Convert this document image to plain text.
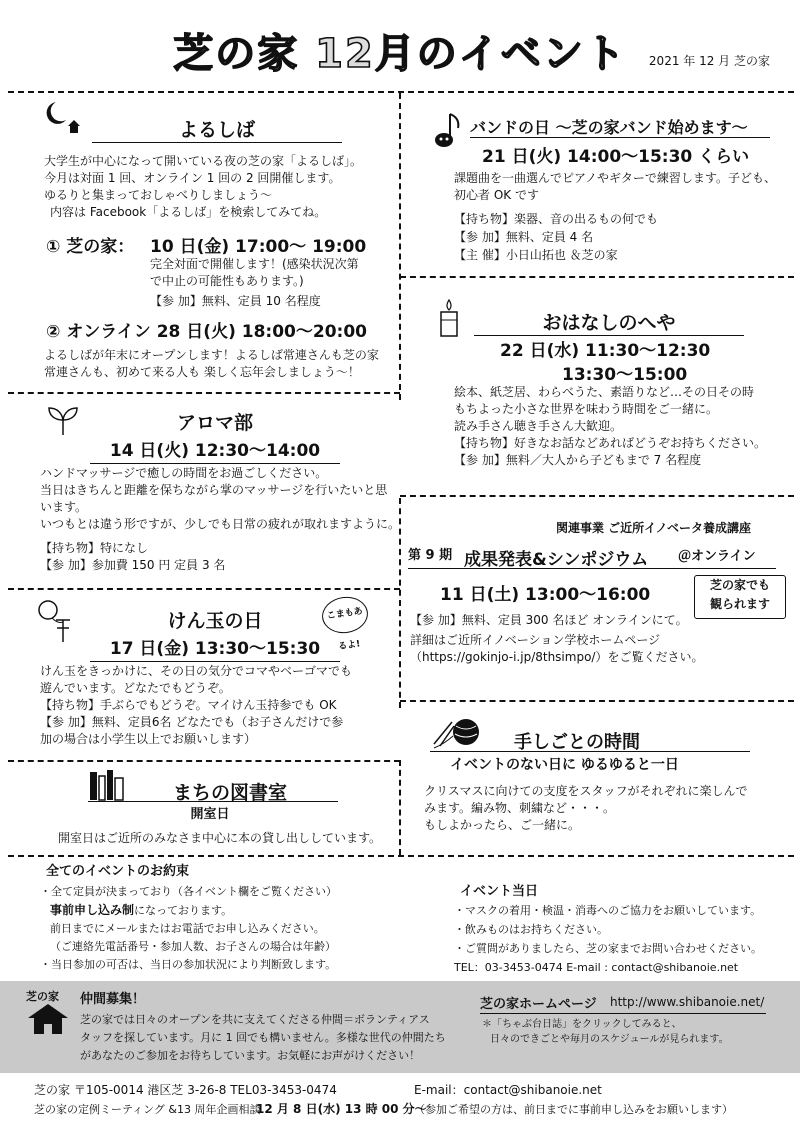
芝の家 12月のイベント	2021 年 12 月 芝の家
よるしば
大学生が中心になって開いている夜の芝の家「よるしば」。
今月は対面 1 回、オンライン 1 回の 2 回開催します。
ゆるりと集まっておしゃべりしましょう〜
内容は Facebook「よるしば」を検索してみてね。
① 芝の家： 10 日(金) 17:00〜 19:00
完全対面で開催します！(感染状況次第
で中止の可能性もあります。)
【参 加】無料、定員 10 名程度
② オンライン 28 日(火) 18:00〜20:00
よるしばが年末にオープンします！よるしば常連さんも芝の家
常連さんも、初めて来る人も 楽しく忘年会しましょう〜！
アロマ部
14 日(火) 12:30〜14:00
ハンドマッサージで癒しの時間をお過ごしください。
当日はきちんと距離を保ちながら掌のマッサージを行いたいと思
います。
いつもとは違う形ですが、少しでも日常の疲れが取れますように。
【持ち物】特になし
【参 加】参加費 150 円 定員 3 名
けん玉の日	こまもあるよ!
17 日(金) 13:30〜15:30
けん玉をきっかけに、その日の気分でコマやベーゴマでも
遊んでいます。どなたでもどうぞ。
【持ち物】手ぶらでもどうぞ。マイけん玉持参でも OK
【参 加】無料、定員6名 どなたでも（お子さんだけで参
加の場合は小学生以上でお願いします）
まちの図書室
開室日
開室日はご近所のみなさま中心に本の貸し出ししています。
バンドの日 〜芝の家バンド始めます〜
21 日(火) 14:00〜15:30 くらい
課題曲を一曲選んでピアノやギターで練習します。子ども、
初心者 OK です
【持ち物】楽器、音の出るもの何でも
【参 加】無料、定員 4 名
【主 催】小日山拓也 ＆芝の家
おはなしのへや
22 日(水) 11:30〜12:30
13:30〜15:00
絵本、紙芝居、わらべうた、素語りなど…その日その時
もちよった小さな世界を味わう時間をご一緒に。
読み手さん聴き手さん大歓迎。
【持ち物】好きなお話などあればどうぞお持ちください。
【参 加】無料／大人から子どもまで 7 名程度
関連事業 ご近所イノベータ養成講座
第 9 期 成果発表&シンポジウム ＠オンライン
11 日(土) 13:00〜16:00	芝の家でも
観られます
【参 加】無料、定員 300 名ほど オンラインにて。
詳細はご近所イノベーション学校ホームページ
（https://gokinjo-i.jp/8thsimpo/）をご覧ください。
手しごとの時間
イベントのない日に ゆるゆると一日
クリスマスに向けての支度をスタッフがそれぞれに楽しんで
みます。編み物、刺繍など・・・。
もしよかったら、ご一緒に。
全てのイベントのお約束
・全て定員が決まっており（各イベント欄をご覧ください）
事前申し込み制になっております。
前日までにメールまたはお電話でお申し込みください。
（ご連絡先電話番号・参加人数、お子さんの場合は年齢）
・当日参加の可否は、当日の参加状況により判断致します。
イベント当日
・マスクの着用・検温・消毒へのご協力をお願いしています。
・飲みものはお持ちください。
・ご質問がありましたら、芝の家までお問い合わせください。
TEL：03-3453-0474 E-mail : contact@shibanoie.net
芝の家 仲間募集！
芝の家では日々のオープンを共に支えてくださる仲間＝ボランティアス
タッフを探しています。月に 1 回でも構いません。多様な世代の仲間たち
があなたのご参加をお待ちしています。お気軽にお声がけください！
芝の家ホームページ http://www.shibanoie.net/
＊「ちゃぶ台日誌」をクリックしてみると、
日々のできごとや毎月のスケジュールが見られます。
芝の家 〒105-0014 港区芝 3-26-8 TEL03-3453-0474	E-mail：contact@shibanoie.net
芝の家の定例ミーティング &13 周年企画相談
12 月 8 日(水) 13 時 00 分〜
（参加ご希望の方は、前日までに事前申し込みをお願いします）
